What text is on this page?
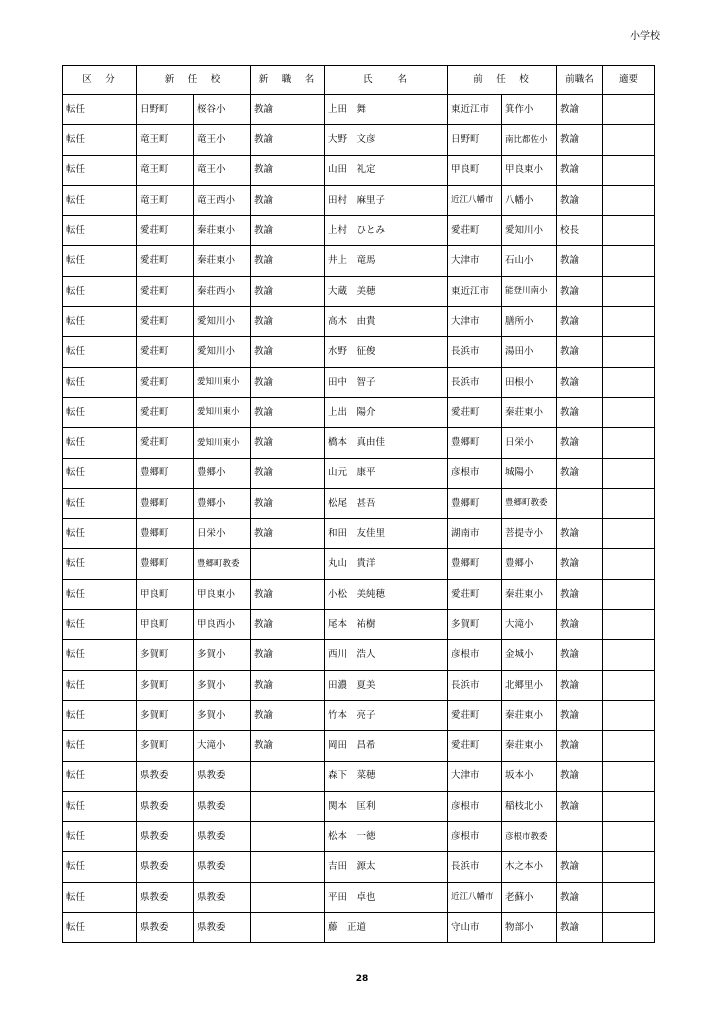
小学校
区　分	新　任　校		新　職　名	氏　　名	前　任　校		前職名	適要
転任	日野町	桜谷小	教諭	上田　舞	東近江市	箕作小	教諭	
転任	竜王町	竜王小	教諭	大野　文彦	日野町	南比都佐小	教諭	
転任	竜王町	竜王小	教諭	山田　礼定	甲良町	甲良東小	教諭	
転任	竜王町	竜王西小	教諭	田村　麻里子	近江八幡市	八幡小	教諭	
転任	愛荘町	秦荘東小	教諭	上村　ひとみ	愛荘町	愛知川小	校長	
転任	愛荘町	秦荘東小	教諭	井上　竜馬	大津市	石山小	教諭	
転任	愛荘町	秦荘西小	教諭	大蔵　美穂	東近江市	能登川南小	教諭	
転任	愛荘町	愛知川小	教諭	高木　由貴	大津市	膳所小	教諭	
転任	愛荘町	愛知川小	教諭	水野　征俊	長浜市	湯田小	教諭	
転任	愛荘町	愛知川東小	教諭	田中　智子	長浜市	田根小	教諭	
転任	愛荘町	愛知川東小	教諭	上出　陽介	愛荘町	秦荘東小	教諭	
転任	愛荘町	愛知川東小	教諭	橋本　真由佳	豊郷町	日栄小	教諭	
転任	豊郷町	豊郷小	教諭	山元　康平	彦根市	城陽小	教諭	
転任	豊郷町	豊郷小	教諭	松尾　甚吾	豊郷町	豊郷町教委		
転任	豊郷町	日栄小	教諭	和田　友佳里	湖南市	菩提寺小	教諭	
転任	豊郷町	豊郷町教委		丸山　貴洋	豊郷町	豊郷小	教諭	
転任	甲良町	甲良東小	教諭	小松　美純穂	愛荘町	秦荘東小	教諭	
転任	甲良町	甲良西小	教諭	尾本　祐樹	多賀町	大滝小	教諭	
転任	多賀町	多賀小	教諭	西川　浩人	彦根市	金城小	教諭	
転任	多賀町	多賀小	教諭	田濃　夏美	長浜市	北郷里小	教諭	
転任	多賀町	多賀小	教諭	竹本　亮子	愛荘町	秦荘東小	教諭	
転任	多賀町	大滝小	教諭	岡田　昌希	愛荘町	秦荘東小	教諭	
転任	県教委	県教委		森下　菜穂	大津市	坂本小	教諭	
転任	県教委	県教委		関本　匡利	彦根市	稲枝北小	教諭	
転任	県教委	県教委		松本　一徳	彦根市	彦根市教委		
転任	県教委	県教委		吉田　源太	長浜市	木之本小	教諭	
転任	県教委	県教委		平田　卓也	近江八幡市	老蘇小	教諭	
転任	県教委	県教委		藤　正道	守山市	物部小	教諭	
28
